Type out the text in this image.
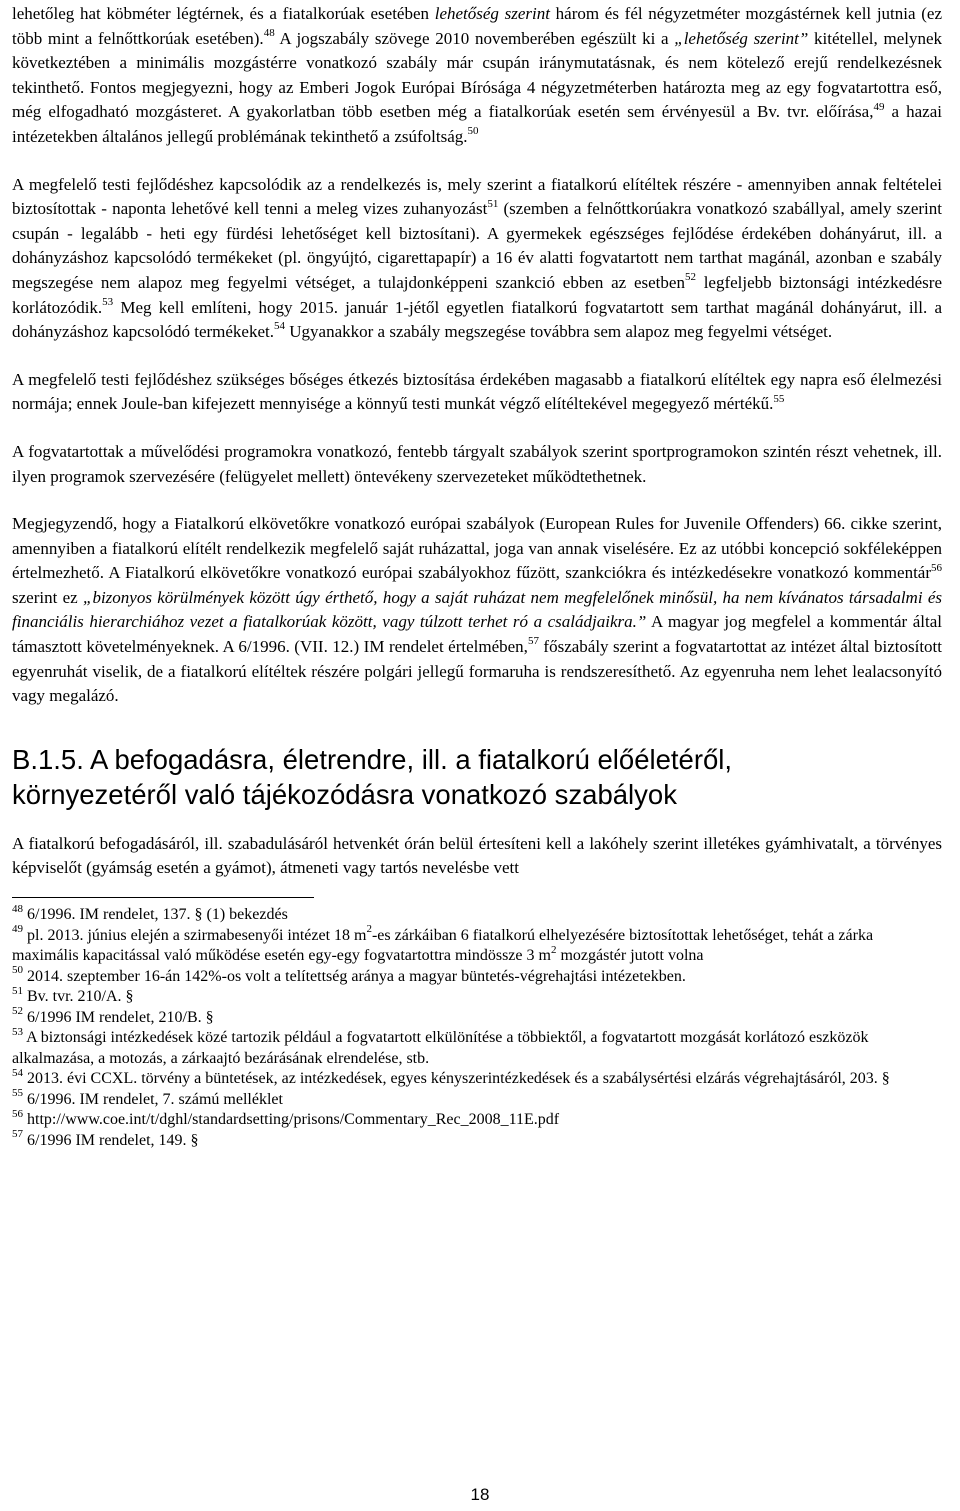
lehetőleg hat köbméter légtérnek, és a fiatalkorúak esetében lehetőség szerint három és fél négyzetméter mozgástérnek kell jutnia (ez több mint a felnőttkorúak esetében).$^{48}$ A jogszabály szövege 2010 novemberében egészült ki a „lehetőség szerint” kitétellel, melynek következtében a minimális mozgástérre vonatkozó szabály már csupán iránymutatásnak, és nem kötelező erejű rendelkezésnek tekinthető. Fontos megjegyezni, hogy az Emberi Jogok Európai Bírósága 4 négyzetméterben határozta meg az egy fogvatartottra eső, még elfogadható mozgásteret. A gyakorlatban több esetben még a fiatalkorúak esetén sem érvényesül a Bv. tvr. előírása,$^{49}$ a hazai intézetekben általános jellegű problémának tekinthető a zsúfoltság.$^{50}$

A megfelelő testi fejlődéshez kapcsolódik az a rendelkezés is, mely szerint a fiatalkorú elítéltek részére - amennyiben annak feltételei biztosítottak - naponta lehetővé kell tenni a meleg vizes zuhanyozást$^{51}$ (szemben a felnőttkorúakra vonatkozó szabállyal, amely szerint csupán - legalább - heti egy fürdési lehetőséget kell biztosítani). A gyermekek egészséges fejlődése érdekében dohányárut, ill. a dohányzáshoz kapcsolódó termékeket (pl. öngyújtó, cigarettapapír) a 16 év alatti fogvatartott nem tarthat magánál, azonban e szabály megszegése nem alapoz meg fegyelmi vétséget, a tulajdonképpeni szankció ebben az esetben$^{52}$ legfeljebb biztonsági intézkedésre korlátozódik.$^{53}$ Meg kell említeni, hogy 2015. január 1-jétől egyetlen fiatalkorú fogvatartott sem tarthat magánál dohányárut, ill. a dohányzáshoz kapcsolódó termékeket.$^{54}$ Ugyanakkor a szabály megszegése továbbra sem alapoz meg fegyelmi vétséget.

A megfelelő testi fejlődéshez szükséges bőséges étkezés biztosítása érdekében magasabb a fiatalkorú elítéltek egy napra eső élelmezési normája; ennek Joule-ban kifejezett mennyisége a könnyű testi munkát végző elítéltekével megegyező mértékű.$^{55}$

A fogvatartottak a művelődési programokra vonatkozó, fentebb tárgyalt szabályok szerint sportprogramokon szintén részt vehetnek, ill. ilyen programok szervezésére (felügyelet mellett) öntevékeny szervezeteket működtethetnek.

Megjegyzendő, hogy a Fiatalkorú elkövetőkre vonatkozó európai szabályok (European Rules for Juvenile Offenders) 66. cikke szerint, amennyiben a fiatalkorú elítélt rendelkezik megfelelő saját ruházattal, joga van annak viselésére. Ez az utóbbi koncepció sokféleképpen értelmezhető. A Fiatalkorú elkövetőkre vonatkozó európai szabályokhoz fűzött, szankciókra és intézkedésekre vonatkozó kommentár$^{56}$ szerint ez „bizonyos körülmények között úgy érthető, hogy a saját ruházat nem megfelelőnek minősül, ha nem kívánatos társadalmi és financiális hierarchiához vezet a fiatalkorúak között, vagy túlzott terhet ró a családjaikra.” A magyar jog megfelel a kommentár által támasztott követelményeknek. A 6/1996. (VII. 12.) IM rendelet értelmében,$^{57}$ főszabály szerint a fogvatartottat az intézet által biztosított egyenruhát viselik, de a fiatalkorú elítéltek részére polgári jellegű formaruha is rendszeresíthető. Az egyenruha nem lehet lealacsonyító vagy megalázó.

B.1.5. A befogadásra, életrendre, ill. a fiatalkorú előéletéről,
környezetéről való tájékozódásra vonatkozó szabályok

A fiatalkorú befogadásáról, ill. szabadulásáról hetvenkét órán belül értesíteni kell a lakóhely szerint illetékes gyámhivatalt, a törvényes képviselőt (gyámság esetén a gyámot), átmeneti vagy tartós nevelésbe vett

$^{48}$ 6/1996. IM rendelet, 137. § (1) bekezdés

$^{49}$ pl. 2013. június elején a szirmabesenyői intézet 18 $m^2-es$ zárkáiban 6 fiatalkorú elhelyezésére biztosítottak lehetőséget, tehát a zárka maximális kapacitással való működése esetén egy-egy fogvatartottra mindössze 3 $m^2$ mozgástér jutott volna

$^{50}$ 2014. szeptember 16-án 142%-os volt a telítettség aránya a magyar büntetés-végrehajtási intézetekben.

$^{51}$ Bv. tvr. 210/A. §

$^{52}$ 6/1996 IM rendelet, 210/B. §

$^{53}$ A biztonsági intézkedések közé tartozik például a fogvatartott elkülönítése a többiektől, a fogvatartott mozgását korlátozó eszközök alkalmazása, a motozás, a zárkaajtó bezárásának elrendelése, stb.

$^{54}$ 2013. évi CCXL. törvény a büntetések, az intézkedések, egyes kényszerintézkedések és a szabálysértési elzárás végrehajtásáról, 203. §

$^{55}$ 6/1996. IM rendelet, 7. számú melléklet

$^{56}$ http://www.coe.int/t/dghl/standardsetting/prisons/Commentary_Rec_2008_11E.pdf

$^{57}$ 6/1996 IM rendelet, 149. §

18
